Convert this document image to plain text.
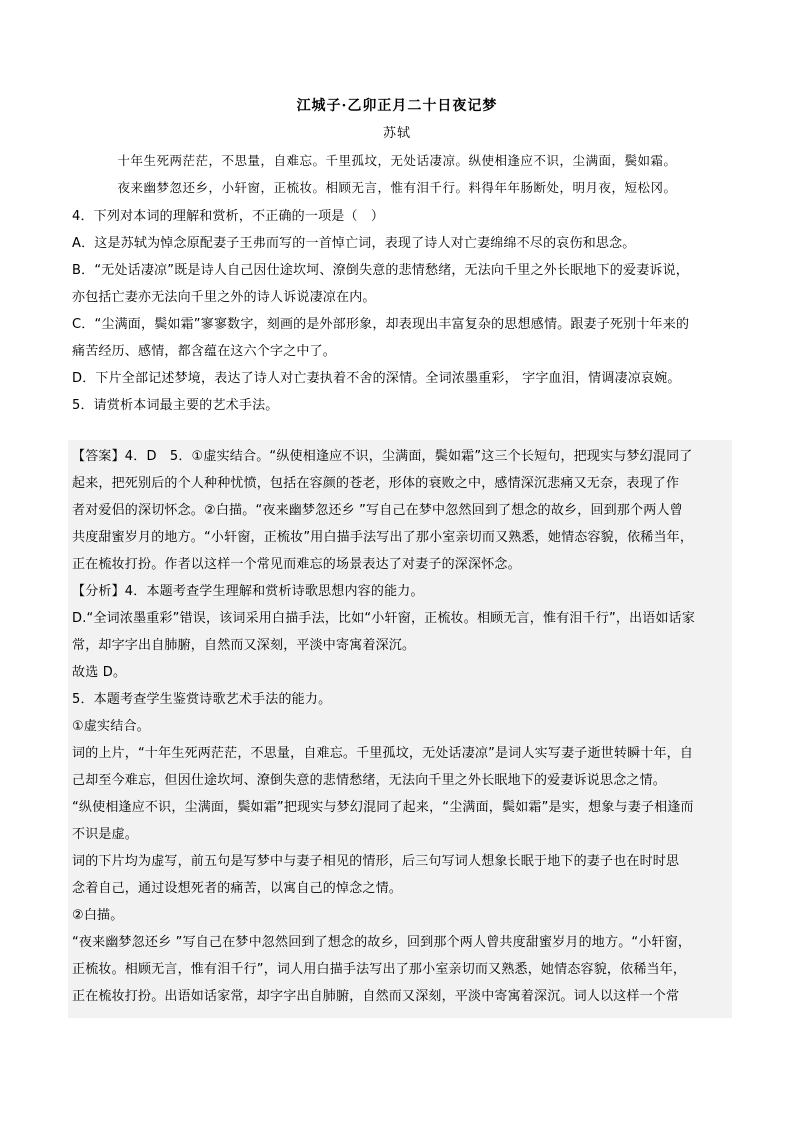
江城子·乙卯正月二十日夜记梦
苏轼
十年生死两茫茫，不思量，自难忘。千里孤坟，无处话凄凉。纵使相逢应不识，尘满面，鬓如霜。
夜来幽梦忽还乡，小轩窗，正梳妆。相顾无言，惟有泪千行。料得年年肠断处，明月夜，短松冈。
4．下列对本词的理解和赏析，不正确的一项是（　）
A．这是苏轼为悼念原配妻子王弗而写的一首悼亡词，表现了诗人对亡妻绵绵不尽的哀伤和思念。
B．“无处话凄凉”既是诗人自己因仕途坎坷、潦倒失意的悲情愁绪，无法向千里之外长眠地下的爱妻诉说，
亦包括亡妻亦无法向千里之外的诗人诉说凄凉在内。
C．“尘满面，鬓如霜”寥寥数字，刻画的是外部形象，却表现出丰富复杂的思想感情。跟妻子死别十年来的
痛苦经历、感情，都含蕴在这六个字之中了。
D．下片全部记述梦境，表达了诗人对亡妻执着不舍的深情。全词浓墨重彩， 字字血泪，情调凄凉哀婉。
5．请赏析本词最主要的艺术手法。
【答案】4．D　5．①虚实结合。“纵使相逢应不识，尘满面，鬓如霜”这三个长短句，把现实与梦幻混同了
起来，把死别后的个人种种忧愤，包括在容颜的苍老，形体的衰败之中，感情深沉悲痛又无奈，表现了作
者对爱侣的深切怀念。②白描。“夜来幽梦忽还乡 ”写自己在梦中忽然回到了想念的故乡，回到那个两人曾
共度甜蜜岁月的地方。“小轩窗，正梳妆”用白描手法写出了那小室亲切而又熟悉，她情态容貌，依稀当年，
正在梳妆打扮。作者以这样一个常见而难忘的场景表达了对妻子的深深怀念。
【分析】4．本题考查学生理解和赏析诗歌思想内容的能力。
D.“全词浓墨重彩”错误，该词采用白描手法，比如“小轩窗，正梳妆。相顾无言，惟有泪千行”，出语如话家
常，却字字出自肺腑，自然而又深刻，平淡中寄寓着深沉。
故选 D。
5．本题考查学生鉴赏诗歌艺术手法的能力。
①虚实结合。
词的上片，“十年生死两茫茫，不思量，自难忘。千里孤坟，无处话凄凉”是词人实写妻子逝世转瞬十年，自
己却至今难忘，但因仕途坎坷、潦倒失意的悲情愁绪，无法向千里之外长眠地下的爱妻诉说思念之情。
“纵使相逢应不识，尘满面，鬓如霜”把现实与梦幻混同了起来，“尘满面，鬓如霜”是实，想象与妻子相逢而
不识是虚。
词的下片均为虚写，前五句是写梦中与妻子相见的情形，后三句写词人想象长眠于地下的妻子也在时时思
念着自己，通过设想死者的痛苦，以寓自己的悼念之情。
②白描。
“夜来幽梦忽还乡 ”写自己在梦中忽然回到了想念的故乡，回到那个两人曾共度甜蜜岁月的地方。“小轩窗，
正梳妆。相顾无言，惟有泪千行”，词人用白描手法写出了那小室亲切而又熟悉，她情态容貌，依稀当年，
正在梳妆打扮。出语如话家常，却字字出自肺腑，自然而又深刻，平淡中寄寓着深沉。词人以这样一个常
